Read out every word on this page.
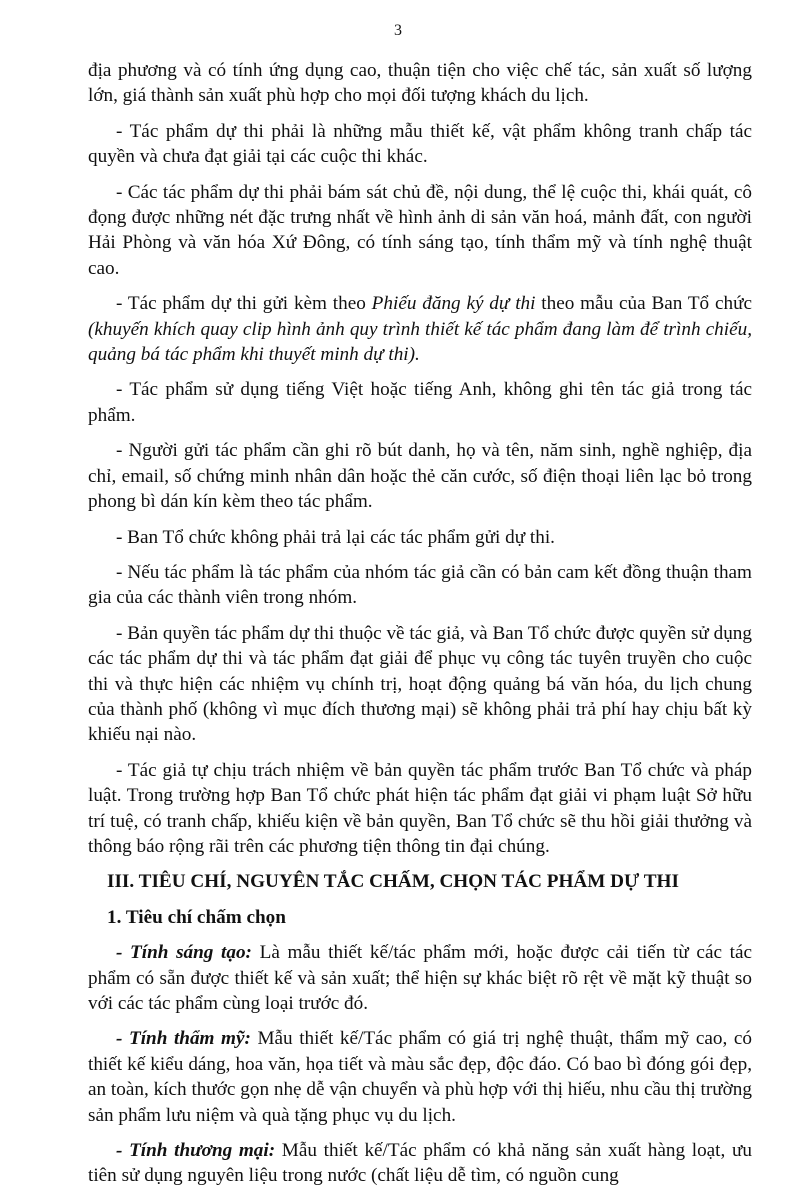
3

địa phương và có tính ứng dụng cao, thuận tiện cho việc chế tác, sản xuất số lượng lớn, giá thành sản xuất phù hợp cho mọi đối tượng khách du lịch.

- Tác phẩm dự thi phải là những mẫu thiết kế, vật phẩm không tranh chấp tác quyền và chưa đạt giải tại các cuộc thi khác.

- Các tác phẩm dự thi phải bám sát chủ đề, nội dung, thể lệ cuộc thi, khái quát, cô đọng được những nét đặc trưng nhất về hình ảnh di sản văn hoá, mảnh đất, con người Hải Phòng và văn hóa Xứ Đông, có tính sáng tạo, tính thẩm mỹ và tính nghệ thuật cao.

- Tác phẩm dự thi gửi kèm theo Phiếu đăng ký dự thi theo mẫu của Ban Tổ chức (khuyến khích quay clip hình ảnh quy trình thiết kế tác phẩm đang làm để trình chiếu, quảng bá tác phẩm khi thuyết minh dự thi).

- Tác phẩm sử dụng tiếng Việt hoặc tiếng Anh, không ghi tên tác giả trong tác phẩm.

- Người gửi tác phẩm cần ghi rõ bút danh, họ và tên, năm sinh, nghề nghiệp, địa chỉ, email, số chứng minh nhân dân hoặc thẻ căn cước, số điện thoại liên lạc bỏ trong phong bì dán kín kèm theo tác phẩm.

- Ban Tổ chức không phải trả lại các tác phẩm gửi dự thi.

- Nếu tác phẩm là tác phẩm của nhóm tác giả cần có bản cam kết đồng thuận tham gia của các thành viên trong nhóm.

- Bản quyền tác phẩm dự thi thuộc về tác giả, và Ban Tổ chức được quyền sử dụng các tác phẩm dự thi và tác phẩm đạt giải để phục vụ công tác tuyên truyền cho cuộc thi và thực hiện các nhiệm vụ chính trị, hoạt động quảng bá văn hóa, du lịch chung của thành phố (không vì mục đích thương mại) sẽ không phải trả phí hay chịu bất kỳ khiếu nại nào.

- Tác giả tự chịu trách nhiệm về bản quyền tác phẩm trước Ban Tổ chức và pháp luật. Trong trường hợp Ban Tổ chức phát hiện tác phẩm đạt giải vi phạm luật Sở hữu trí tuệ, có tranh chấp, khiếu kiện về bản quyền, Ban Tổ chức sẽ thu hồi giải thưởng và thông báo rộng rãi trên các phương tiện thông tin đại chúng.

III. TIÊU CHÍ, NGUYÊN TẮC CHẤM, CHỌN TÁC PHẨM DỰ THI

1. Tiêu chí chấm chọn

- Tính sáng tạo: Là mẫu thiết kế/tác phẩm mới, hoặc được cải tiến từ các tác phẩm có sẵn được thiết kế và sản xuất; thể hiện sự khác biệt rõ rệt về mặt kỹ thuật so với các tác phẩm cùng loại trước đó.

- Tính thẩm mỹ: Mẫu thiết kế/Tác phẩm có giá trị nghệ thuật, thẩm mỹ cao, có thiết kế kiểu dáng, hoa văn, họa tiết và màu sắc đẹp, độc đáo. Có bao bì đóng gói đẹp, an toàn, kích thước gọn nhẹ dễ vận chuyển và phù hợp với thị hiếu, nhu cầu thị trường sản phẩm lưu niệm và quà tặng phục vụ du lịch.

- Tính thương mại: Mẫu thiết kế/Tác phẩm có khả năng sản xuất hàng loạt, ưu tiên sử dụng nguyên liệu trong nước (chất liệu dễ tìm, có nguồn cung
